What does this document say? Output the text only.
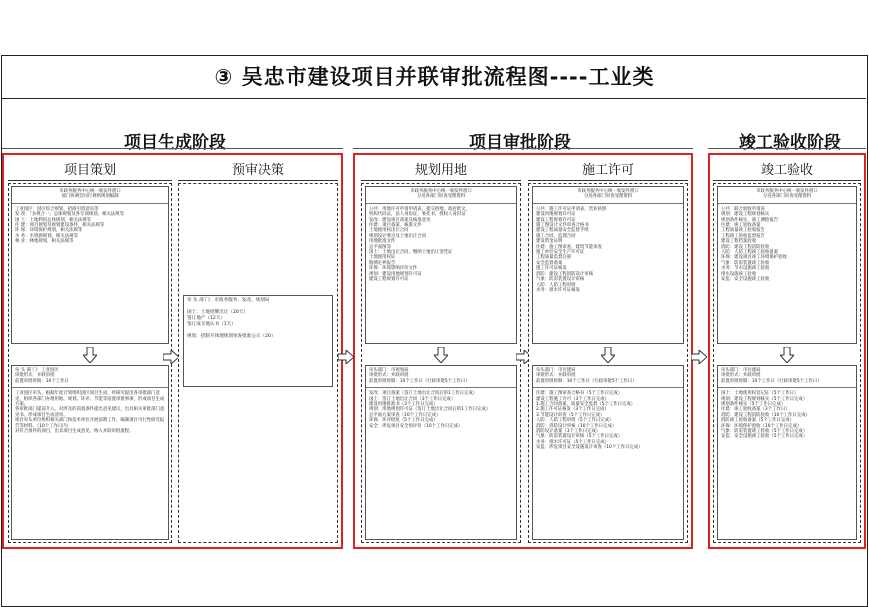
③ 吴忠市建设项目并联审批流程图----工业类
项目生成阶段	项目审批阶段	竣工验收阶段
项目策划	预审决策	规划用地	施工许可	竣工验收
市政务服务中心统一收发件窗口
部门协调会同行规则规划编制
工业园区：园区综合规划、招商引资意向等
发 改：「多规合一」总体规划及各专项规划，相关法规等
国 土：土地利用总体规划，相关法规等
住 建：项目规划及规划建设条件，相关法规等
环 保：环境保护规划，相关法规等
水 务：水资源规划、相关法规等
林 业：林地规划，相关法规等
牵 头 部 门：工业园区
审批形式：并联审批
前置审批时限：10个工作日
工业园区牵头，根据年度计划组织园区项目生成，经研究提出各审批部门意见，组织各部门办理用地、规划、环评、节能等前置审批事项，形成项目生成方案。
各审批部门提前介入，对涉及的前置条件提出意见建议，出具相关审批部门意见书，形成项目生成清单。
项目牵头单位组织相关部门和技术单位开展前期工作，编制项目可行性研究报告等材料。（10个工作日内）
对符合条件的项目，出具项目生成意见，纳入并联审批流程。
牵 头 部 门：市政务服务、发改、规划局

国土：土地招牌出让（20天）
签订地产（12天）
签订成交地认书（1天）

规划：招制开体理规划审查批准公示（20）
市政务服务中心统一收发件窗口
分送各部门审查受理资料
公共：用地许可申请申请表，提交供地，政府批文，
机构代码证，法人身份证，委托书，授权人身份证
发改：建设项目备案及核准意见
住建：项目备案，核准文件
土地使用权出让合同
规划设计要点及土地出让合同
用地批准文件
总平面图等
国土：土地出让合同，缴纳土地出让金凭证
土地使用权证
勘测定界报告
环保：环境影响评价文件
规划：建设用地规划许可证
建设工程规划许可证
牵头部门：市规划局
审批形式：并联审批
前置审批时限：10个工作日（行政审批5个工作日）
发改：项目备案（签订土地出让合同后的1工作日完成）
国土：签订土地出让合同（3个工作日完成）
建设用地批准书（3个工作日完成）
规划：用地规划许可证（签订土地出让合同后的1工作日完成）
总平面方案审查（10个工作日完成）
环保：环评批复（5个工作日完成）
安全：涉危项目安全预评价（10个工作日完成）
市政务服务中心统一收发件窗口
分送各部门审查受理资料
公共：施工许可证申请表，营业执照
建设用地规划许可证
建设工程规划许可证
施工图设计文件审查合格书
建设工程质量安全监督手续
施工合同，监理合同
建设资金证明
住建：施工图审查，建筑节能审查
施工单位安全生产许可证
工程质量监督注册
安全监督备案
施工许可证核发
消防：建设工程消防设计审核
气象：防雷装置设计审核
人防：人防工程审批
水务：排水许可证核发
牵头部门：市住建局
审批形式：并联审批
前置审批时限：10个工作日（行政审批5个工作日）
住建：施工图审查合格书（5个工作日完成）
建设工程施工许可（3个工作日完成）
1.施工合同备案，质量安全监督（5个工作日完成）
2.施工许可证核发（3个工作日完成）
3.节能设计审查（5个工作日完成）
人防：人防工程审批（5个工作日完成）
消防：消防设计审核（10个工作日完成）
消防设计备案（3个工作日完成）
气象：防雷装置设计审核（5个工作日完成）
水务：排水许可证（5个工作日完成）
安监：涉危项目安全设施设计审查（10个工作日完成）
市政务服务中心统一收发件窗口
分送各部门审查受理资料
公共：联合验收申请表
规划：建设工程规划核实
规划条件核实，竣工测绘报告
住建：竣工验收备案
工程质量竣工验收报告
工程竣工验收监督报告
建设工程档案验收
消防：建设工程消防验收
人防：人防工程竣工验收备案
环保：建设项目竣工环境保护验收
气象：防雷装置竣工验收
水务：节水设施竣工验收
排水设施竣工验收
安监：安全设施竣工验收
牵头部门：市住建局
审批形式：并联审批
前置审批时限：10个工作日（行政审批5个工作日）
国土：土地使用权登记证（5个工作日）
规划：建设工程规划核实（5个工作日完成）
规划条件核实（5个工作日完成）
住建：竣工验收备案（3个工作日）
消防：建设工程消防验收（10个工作日完成）
消防竣工验收备案（5个工作日完成）
环保：环境保护验收（10个工作日完成）
气象：防雷装置竣工验收（5个工作日完成）
安监：安全设施竣工验收（5个工作日完成）
